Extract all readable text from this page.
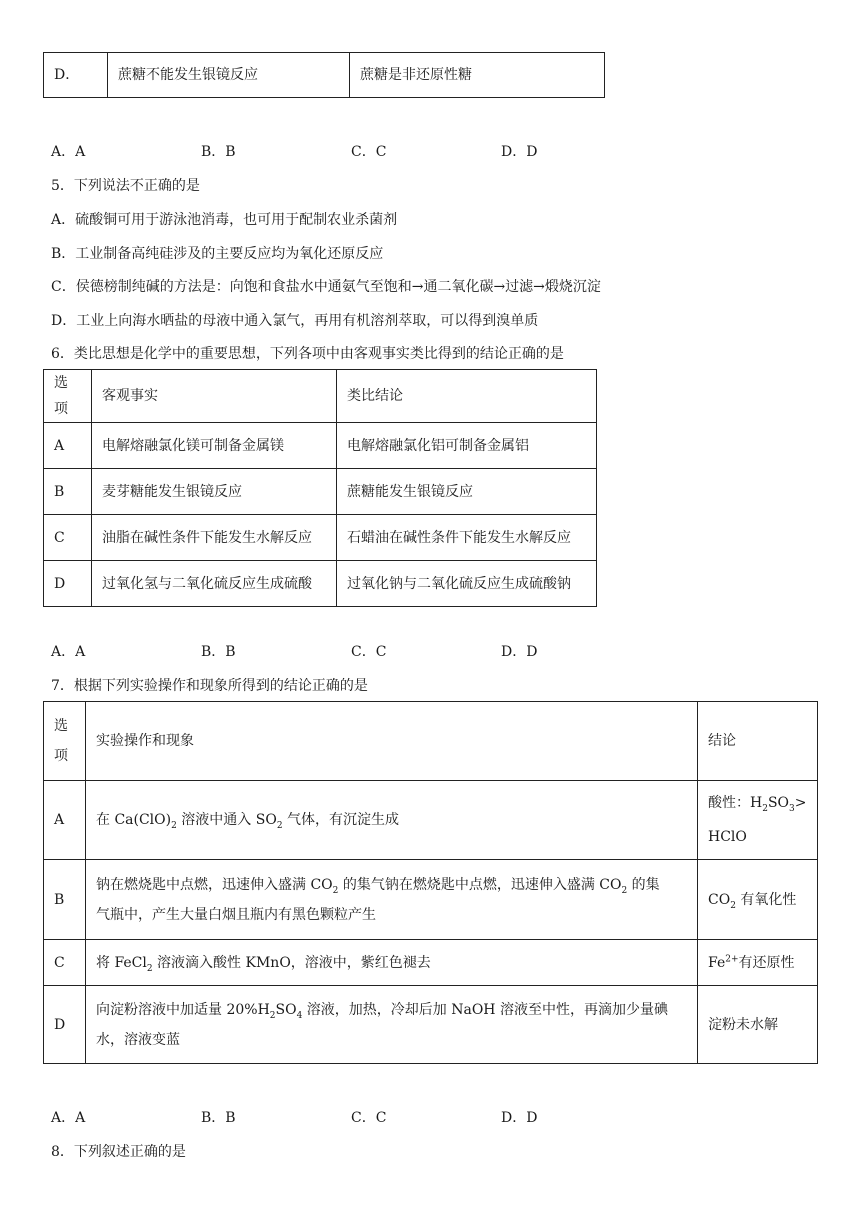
D．	蔗糖不能发生银镜反应	蔗糖是非还原性糖
A．A	B．B	C．C	D．D
5．下列说法不正确的是
A．硫酸铜可用于游泳池消毒，也可用于配制农业杀菌剂
B．工业制备高纯硅涉及的主要反应均为氧化还原反应
C．侯德榜制纯碱的方法是：向饱和食盐水中通氨气至饱和→通二氧化碳→过滤→煅烧沉淀
D．工业上向海水晒盐的母液中通入氯气，再用有机溶剂萃取，可以得到溴单质
6．类比思想是化学中的重要思想，下列各项中由客观事实类比得到的结论正确的是
选项	客观事实	类比结论
A	电解熔融氯化镁可制备金属镁	电解熔融氯化铝可制备金属铝
B	麦芽糖能发生银镜反应	蔗糖能发生银镜反应
C	油脂在碱性条件下能发生水解反应	石蜡油在碱性条件下能发生水解反应
D	过氧化氢与二氧化硫反应生成硫酸	过氧化钠与二氧化硫反应生成硫酸钠
A．A	B．B	C．C	D．D
7．根据下列实验操作和现象所得到的结论正确的是
选
项	实验操作和现象	结论
A	在 $Ca(ClO)_2$ 溶液中通入 $SO_2$ 气体，有沉淀生成	酸性：$H_2SO_3>$
HClO
B	钠在燃烧匙中点燃，迅速伸入盛满 $CO_2$ 的集气钠在燃烧匙中点燃，迅速伸入盛满 $CO_2$ 的集
气瓶中，产生大量白烟且瓶内有黑色颗粒产生	$CO_2$ 有氧化性
C	将 FeCl$_2$ 溶液滴入酸性 KMnO，溶液中，紫红色褪去	$Fe^{2+}$有还原性
D	向淀粉溶液中加适量 $20\%H_2SO_4$ 溶液，加热，冷却后加 NaOH 溶液至中性，再滴加少量碘
水，溶液变蓝	淀粉未水解
A．A	B．B	C．C	D．D
8．下列叙述正确的是
